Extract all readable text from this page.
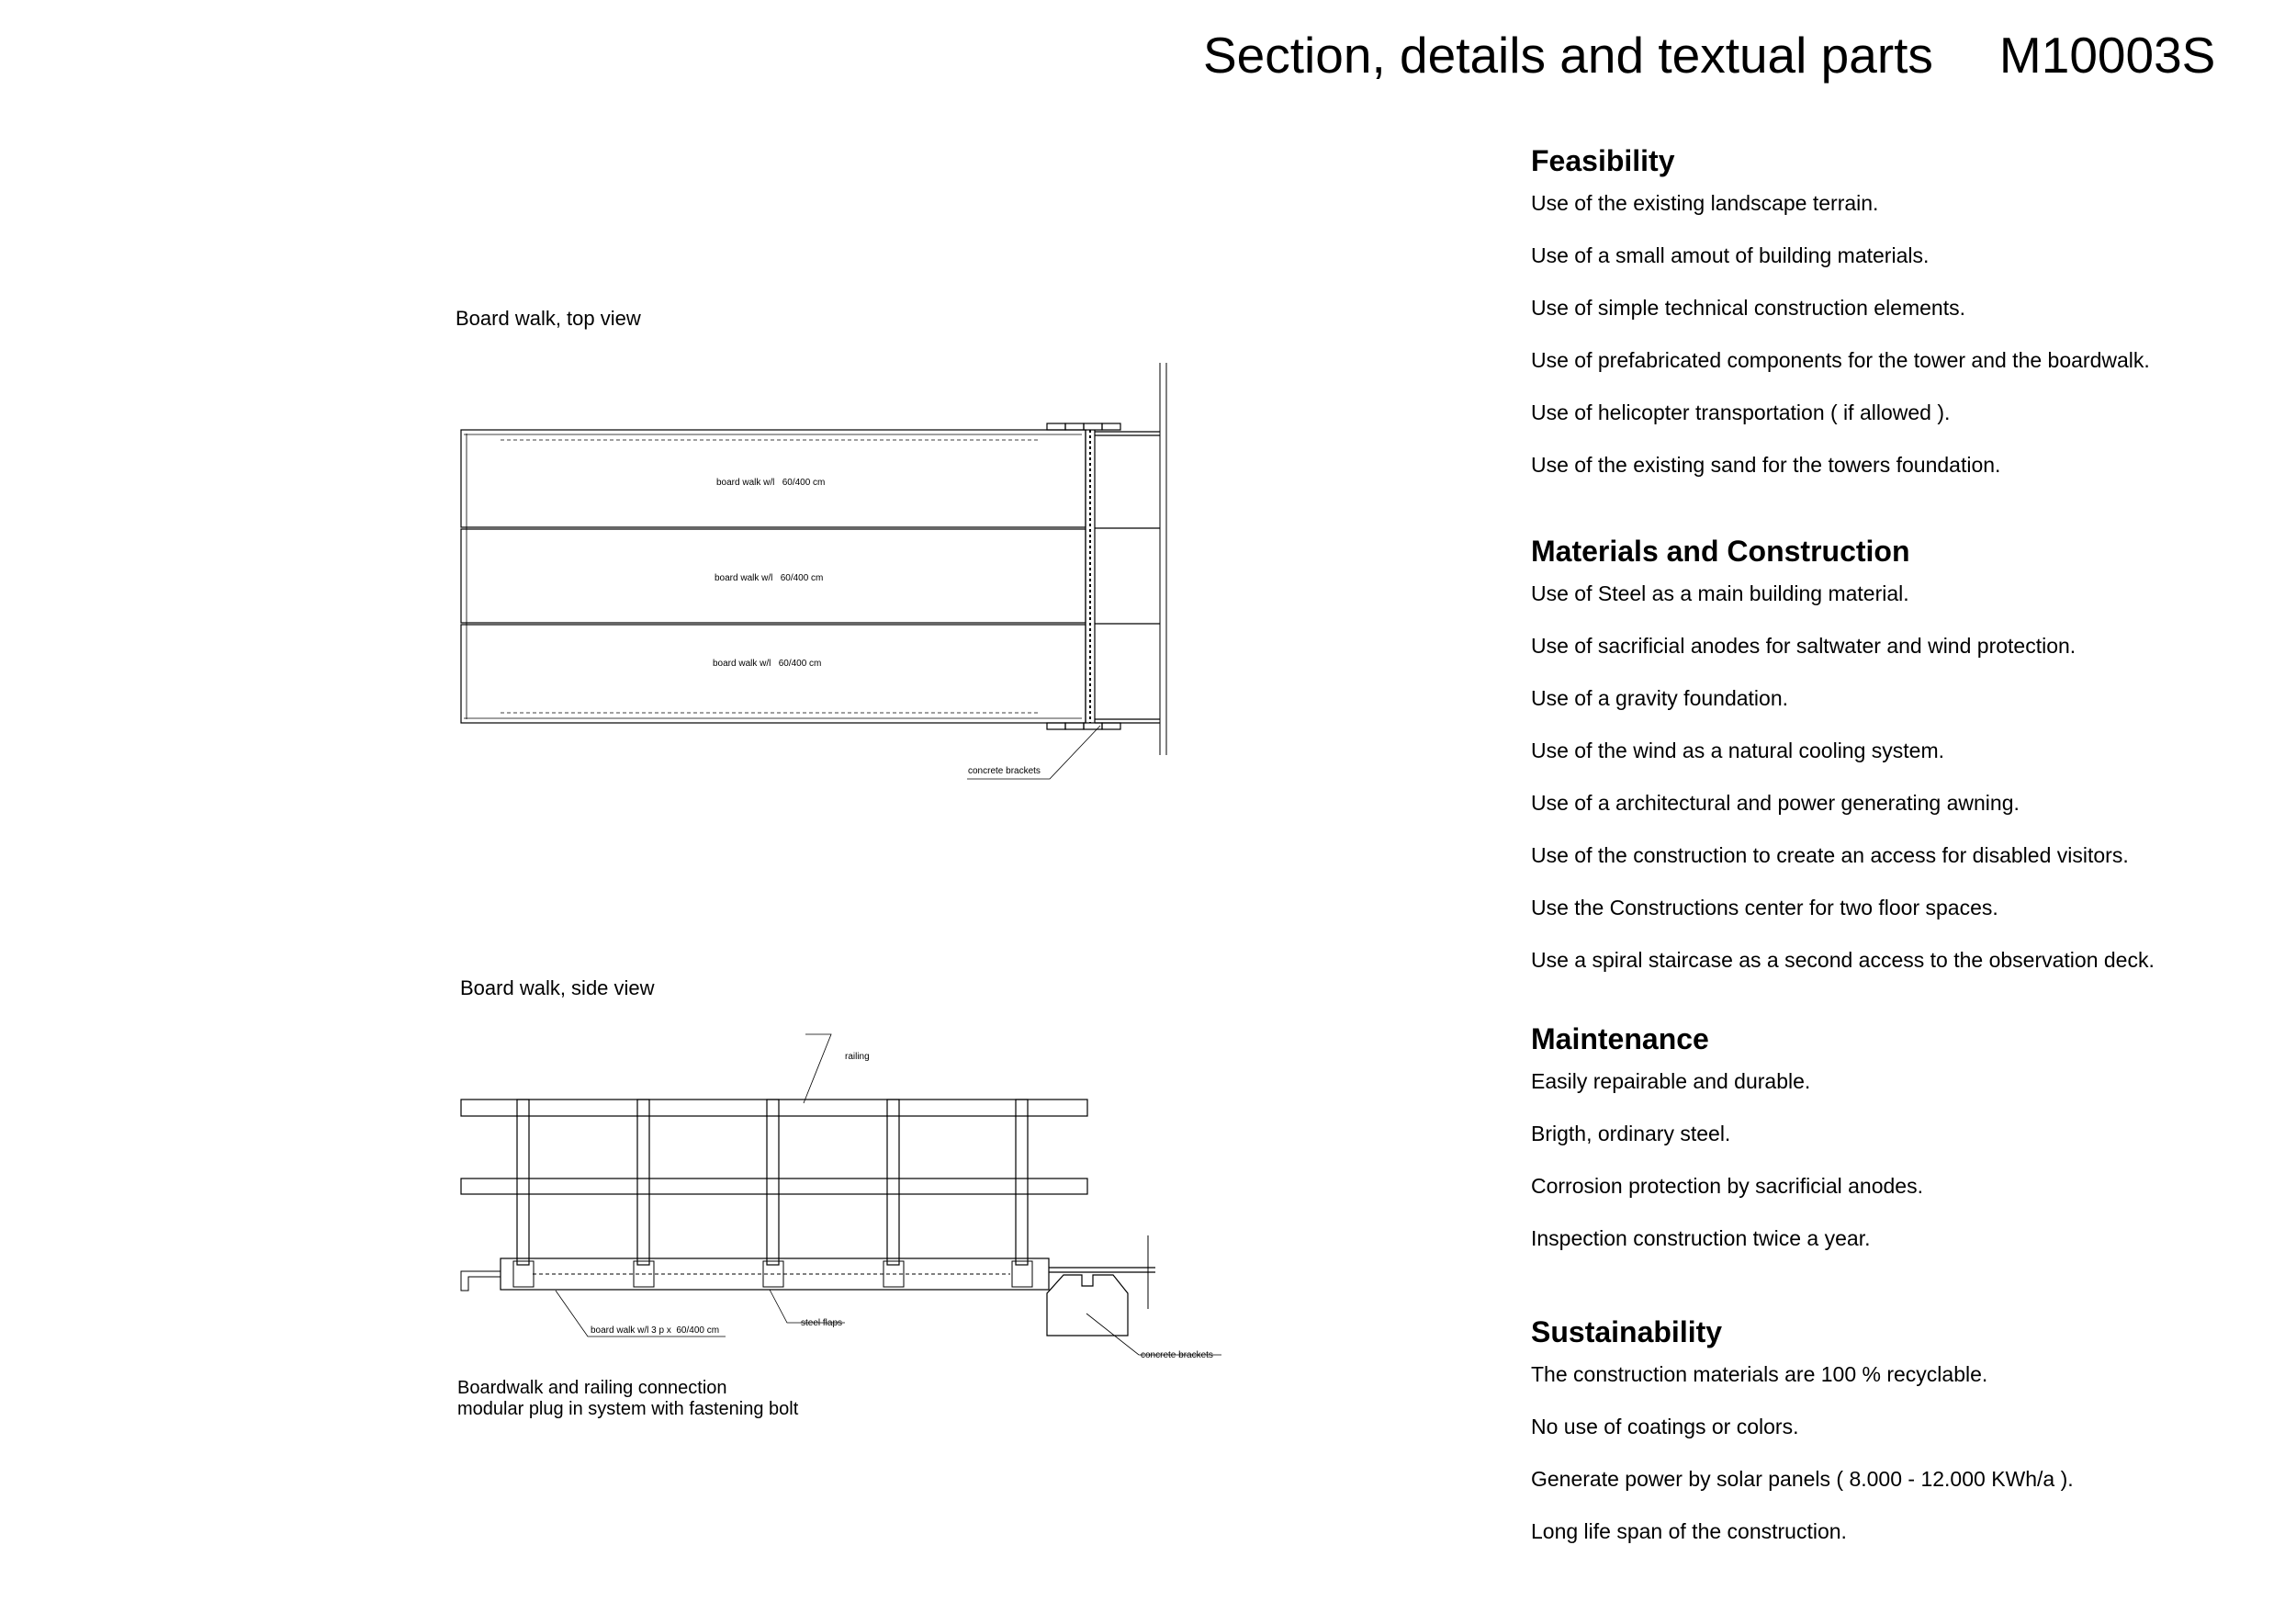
Section, details and textual parts M10003S
Board walk, top view
board walk w/l   60/400 cm
board walk w/l   60/400 cm
board walk w/l   60/400 cm
concrete brackets
Board walk, side view
railing
board walk w/l 3 p x  60/400 cm
steel flaps
concrete brackets
Boardwalk and railing connection
modular plug in system with fastening bolt
Feasibility

Use of the existing landscape terrain.

Use of a small amout of building materials.

Use of simple technical construction elements.

Use of prefabricated components for the tower and the boardwalk.

Use of helicopter transportation ( if allowed ).

Use of the existing sand for the towers foundation.

Materials and Construction

Use of Steel as a main building material.

Use of sacrificial anodes for saltwater and wind protection.

Use of a gravity foundation.

Use of the wind as a natural cooling system.

Use of a architectural and power generating awning.

Use of the construction to create an access for disabled visitors.

Use the Constructions center for two floor spaces.

Use a spiral staircase as a second access to the observation deck.

Maintenance

Easily repairable and durable.

Brigth, ordinary steel.

Corrosion protection by sacrificial anodes.

Inspection construction twice a year.

Sustainability

The construction materials are 100 % recyclable.

No use of coatings or colors.

Generate power by solar panels ( 8.000 - 12.000 KWh/a ).

Long life span of the construction.
